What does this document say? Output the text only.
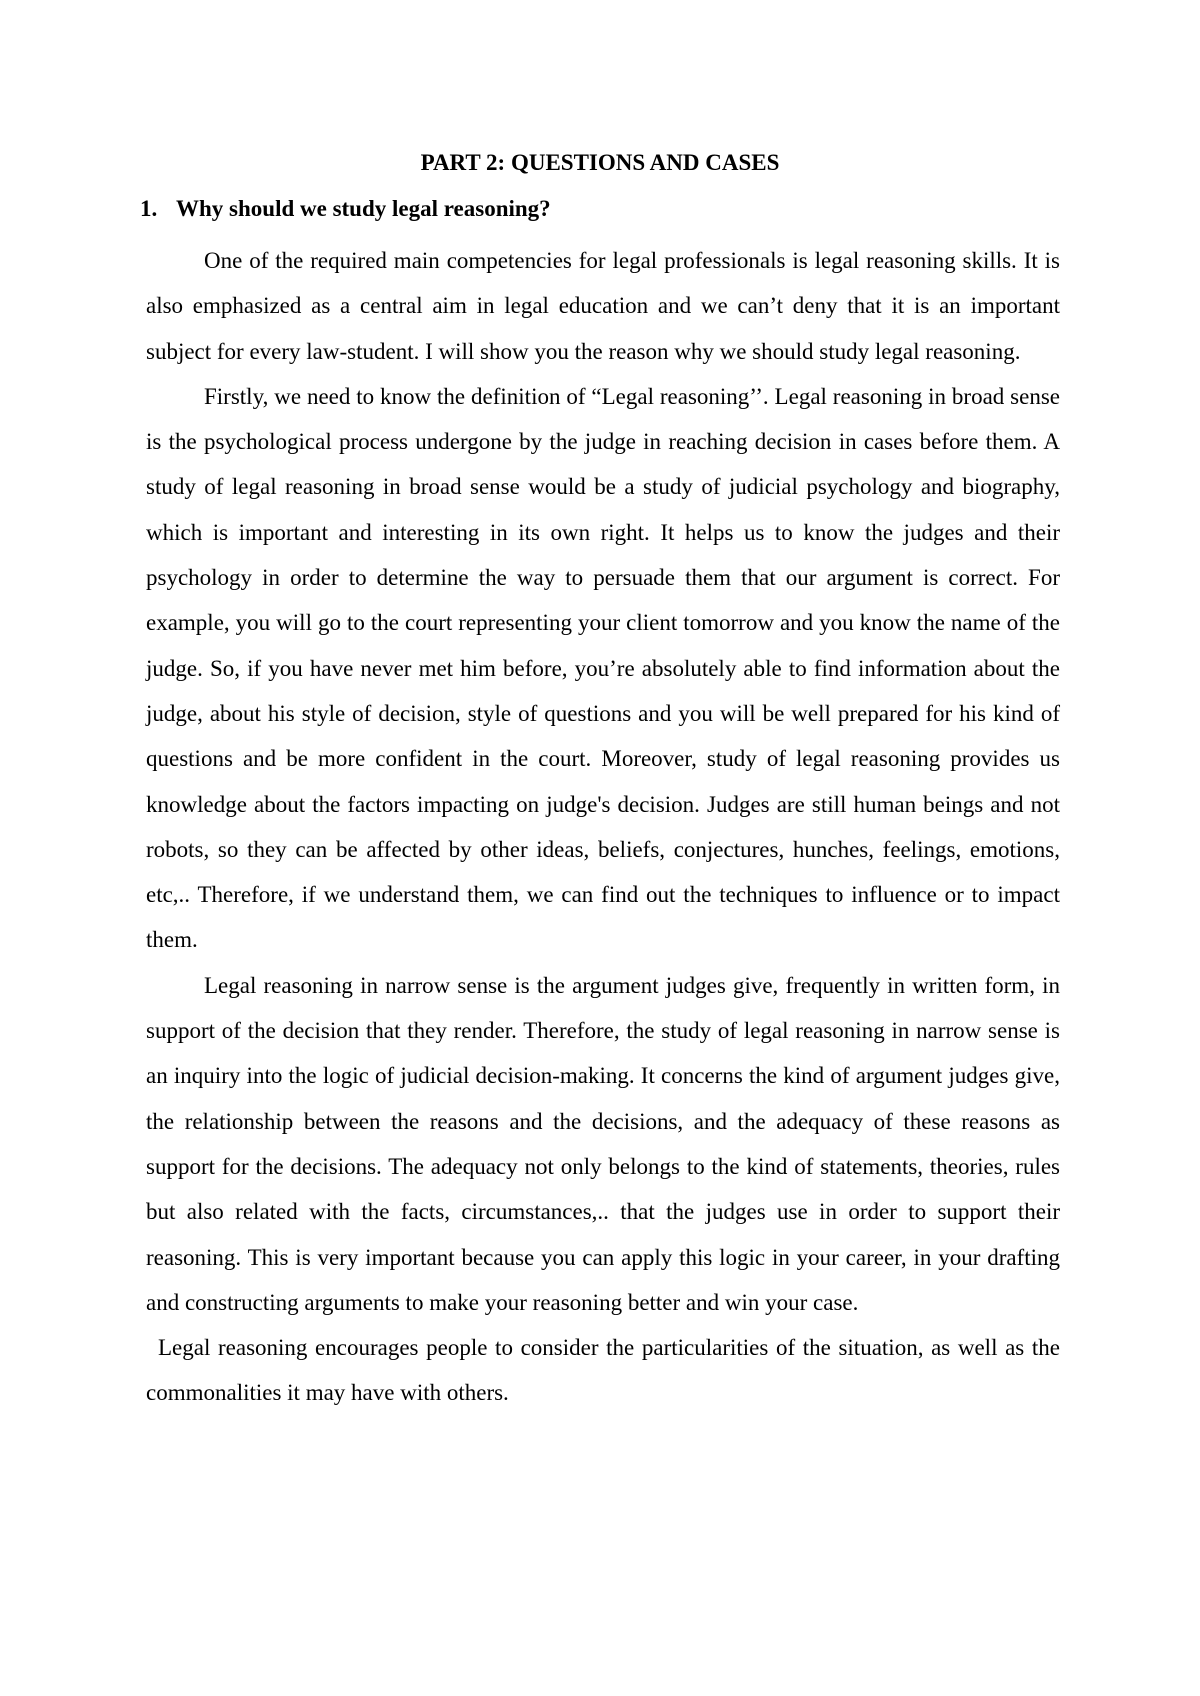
PART 2: QUESTIONS AND CASES
1. Why should we study legal reasoning?

One of the required main competencies for legal professionals is legal reasoning skills. It is also emphasized as a central aim in legal education and we can’t deny that it is an important subject for every law-student. I will show you the reason why we should study legal reasoning.

Firstly, we need to know the definition of “Legal reasoning’’. Legal reasoning in broad sense is the psychological process undergone by the judge in reaching decision in cases before them. A study of legal reasoning in broad sense would be a study of judicial psychology and biography, which is important and interesting in its own right. It helps us to know the judges and their psychology in order to determine the way to persuade them that our argument is correct. For example, you will go to the court representing your client tomorrow and you know the name of the judge. So, if you have never met him before, you’re absolutely able to find information about the judge, about his style of decision, style of questions and you will be well prepared for his kind of questions and be more confident in the court. Moreover, study of legal reasoning provides us knowledge about the factors impacting on judge's decision. Judges are still human beings and not robots, so they can be affected by other ideas, beliefs, conjectures, hunches, feelings, emotions, etc,.. Therefore, if we understand them, we can find out the techniques to influence or to impact them.

Legal reasoning in narrow sense is the argument judges give, frequently in written form, in support of the decision that they render. Therefore, the study of legal reasoning in narrow sense is an inquiry into the logic of judicial decision-making. It concerns the kind of argument judges give, the relationship between the reasons and the decisions, and the adequacy of these reasons as support for the decisions. The adequacy not only belongs to the kind of statements, theories, rules but also related with the facts, circumstances,.. that the judges use in order to support their reasoning. This is very important because you can apply this logic in your career, in your drafting and constructing arguments to make your reasoning better and win your case.

Legal reasoning encourages people to consider the particularities of the situation, as well as the commonalities it may have with others.
